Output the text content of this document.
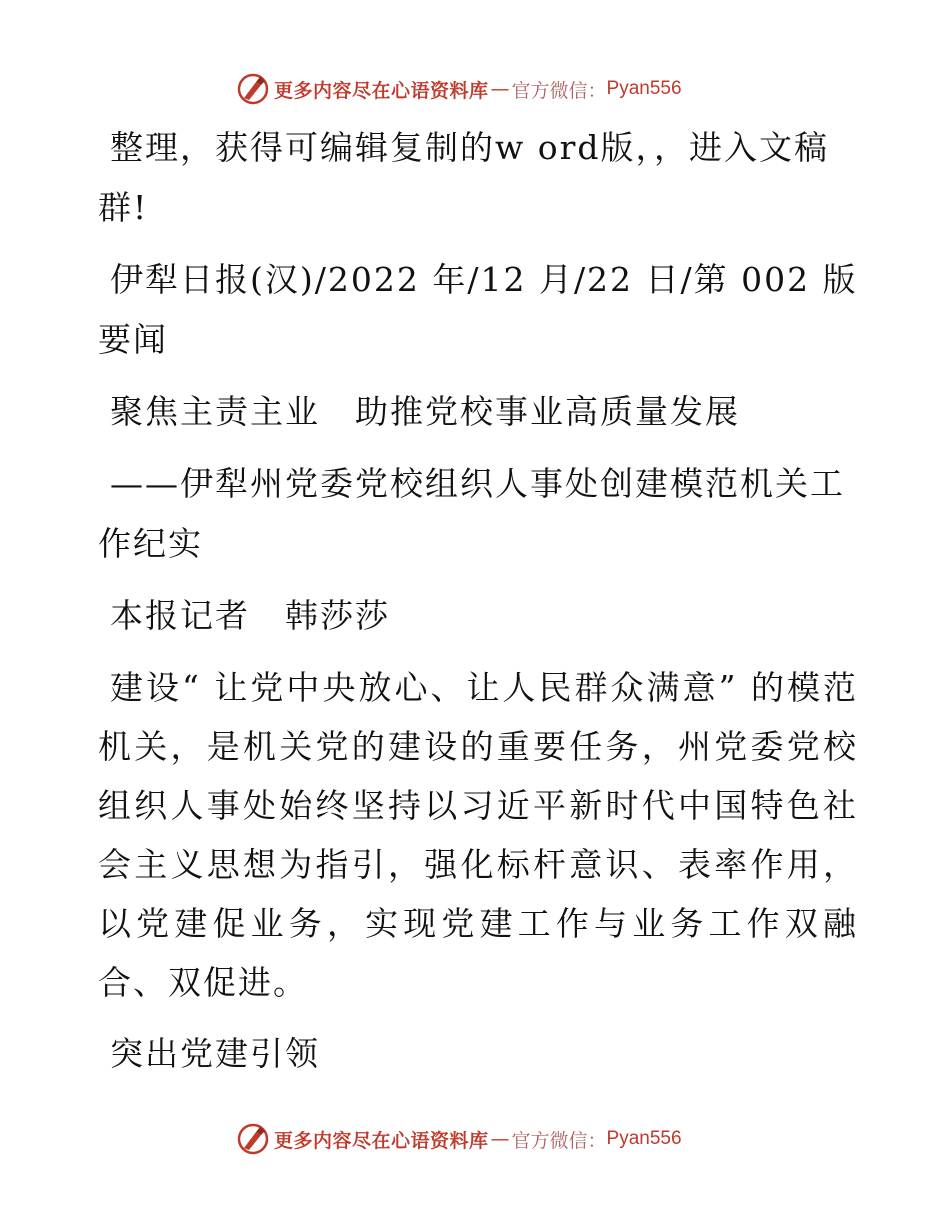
更多内容尽在心语资料库 — 官方微信： Pyan556

整理，获得可编辑复制的w ord版，，进入文稿群!

伊犁日报(汉)/2022 年/12 月/22 日/第 002 版要闻

聚焦主责主业　助推党校事业高质量发展

——伊犁州党委党校组织人事处创建模范机关工作纪实

本报记者　韩莎莎

建设“ 让党中央放心、让人民群众满意” 的模范机关，是机关党的建设的重要任务，州党委党校组织人事处始终坚持以习近平新时代中国特色社会主义思想为指引，强化标杆意识、表率作用，以党建促业务，实现党建工作与业务工作双融合、双促进。

突出党建引领

更多内容尽在心语资料库 — 官方微信： Pyan556
